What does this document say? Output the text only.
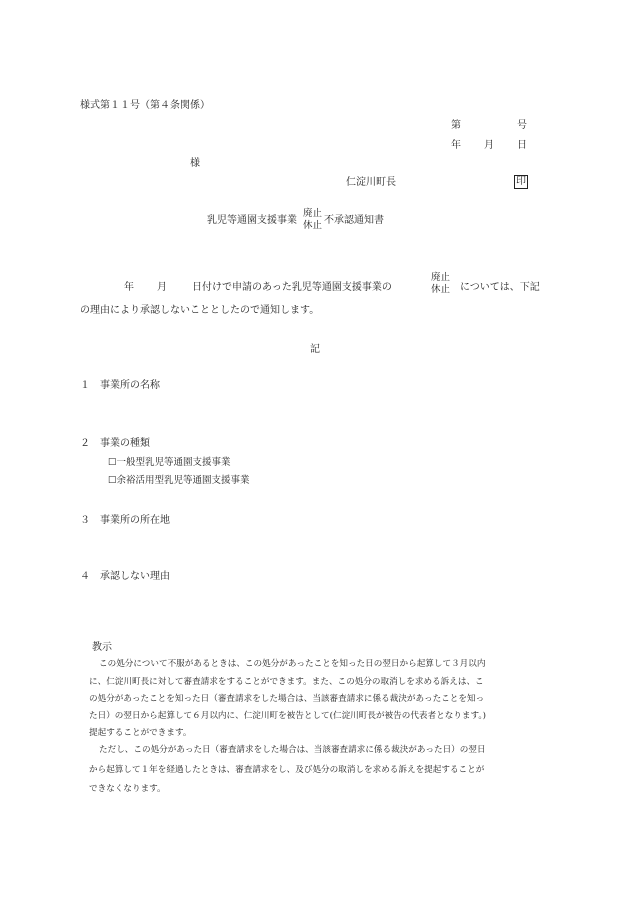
様式第１１号（第４条関係）
第	号
年 月 日
様
仁淀川町長	印
乳児等通園支援事業
廃止
休止 不承認通知書
年 月	日付けで申請のあった乳児等通園支援事業の
廃止
休止 については、下記
の理由により承認しないこととしたので通知します。
記
１ 事業所の名称
２ 事業の種類
☐一般型乳児等通園支援事業
☐余裕活用型乳児等通園支援事業
３ 事業所の所在地
４ 承認しない理由
教示
この処分について不服があるときは、この処分があったことを知った日の翌日から起算して３月以内
に、仁淀川町長に対して審査請求をすることができます。また、この処分の取消しを求める訴えは、こ
の処分があったことを知った日（審査請求をした場合は、当該審査請求に係る裁決があったことを知っ
た日）の翌日から起算して６月以内に、仁淀川町を被告として(仁淀川町長が被告の代表者となります。)
提起することができます。
ただし、この処分があった日（審査請求をした場合は、当該審査請求に係る裁決があった日）の翌日
から起算して１年を経過したときは、審査請求をし、及び処分の取消しを求める訴えを提起することが
できなくなります。
